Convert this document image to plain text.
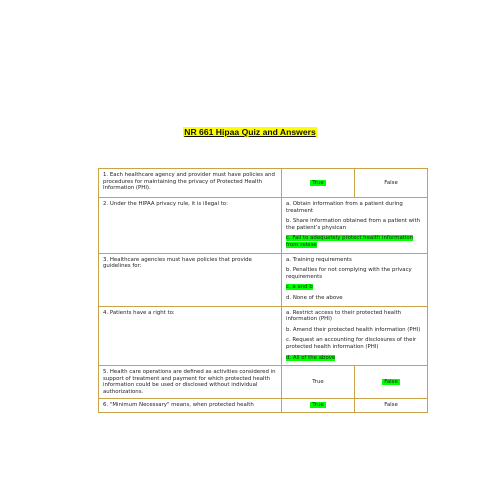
NR 661 Hipaa Quiz and Answers
1. Each healthcare agency and provider must have policies and procedures for maintaining the privacy of Protected Health Information (PHI).	True	False
2. Under the HIPAA privacy rule, it is illegal to:	a. Obtain information from a patient during treatment

b. Share information obtained from a patient with the patient’s physican

c. Fail to adequately protect health information from relase	

3. Healthcare agencies must have policies that provide guidelines for:	a. Training requirements

b. Penalties for not complying with the privacy requirements

c. a and b

d. None of the above	

4. Patients have a right to:	a. Restrict access to their protected health information (PHI)

b. Amend their protected health information (PHI)

c. Request an accounting for disclosures of their protected health information (PHI)

d. All of the above	

5. Health care operations are defined as activities considered in support of treatment and payment for which protected health information could be used or disclosed without individual authorizations.	True	False
6. "Minimum Necessary" means, when protected health	True	False
